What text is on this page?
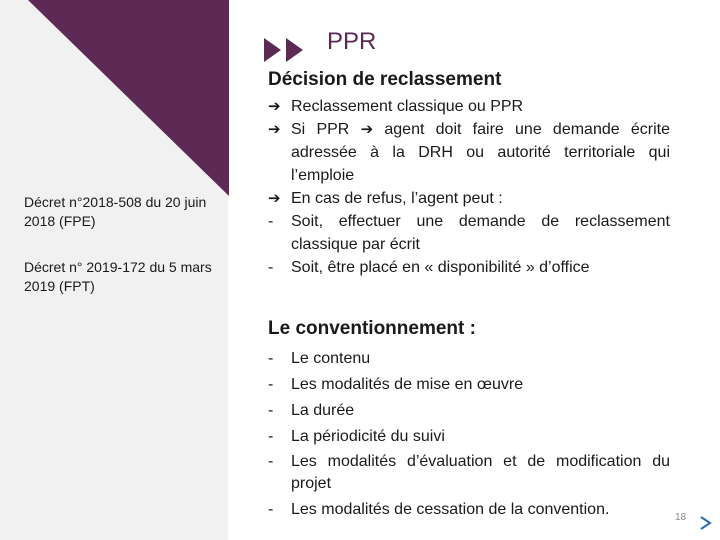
PPR
Décret n°2018-508 du 20 juin 2018 (FPE)
Décret n° 2019-172 du 5 mars 2019 (FPT)
Décision de reclassement
➔ Reclassement classique ou PPR
➔ Si PPR ➔ agent doit faire une demande écrite adressée à la DRH ou autorité territoriale qui l’emploie
➔ En cas de refus, l’agent peut :
- Soit, effectuer une demande de reclassement classique par écrit
- Soit, être placé en « disponibilité » d’office
Le conventionnement :
- Le contenu
- Les modalités de mise en œuvre
- La durée
- La périodicité du suivi
- Les modalités d’évaluation et de modification du projet
- Les modalités de cessation de la convention.	18
